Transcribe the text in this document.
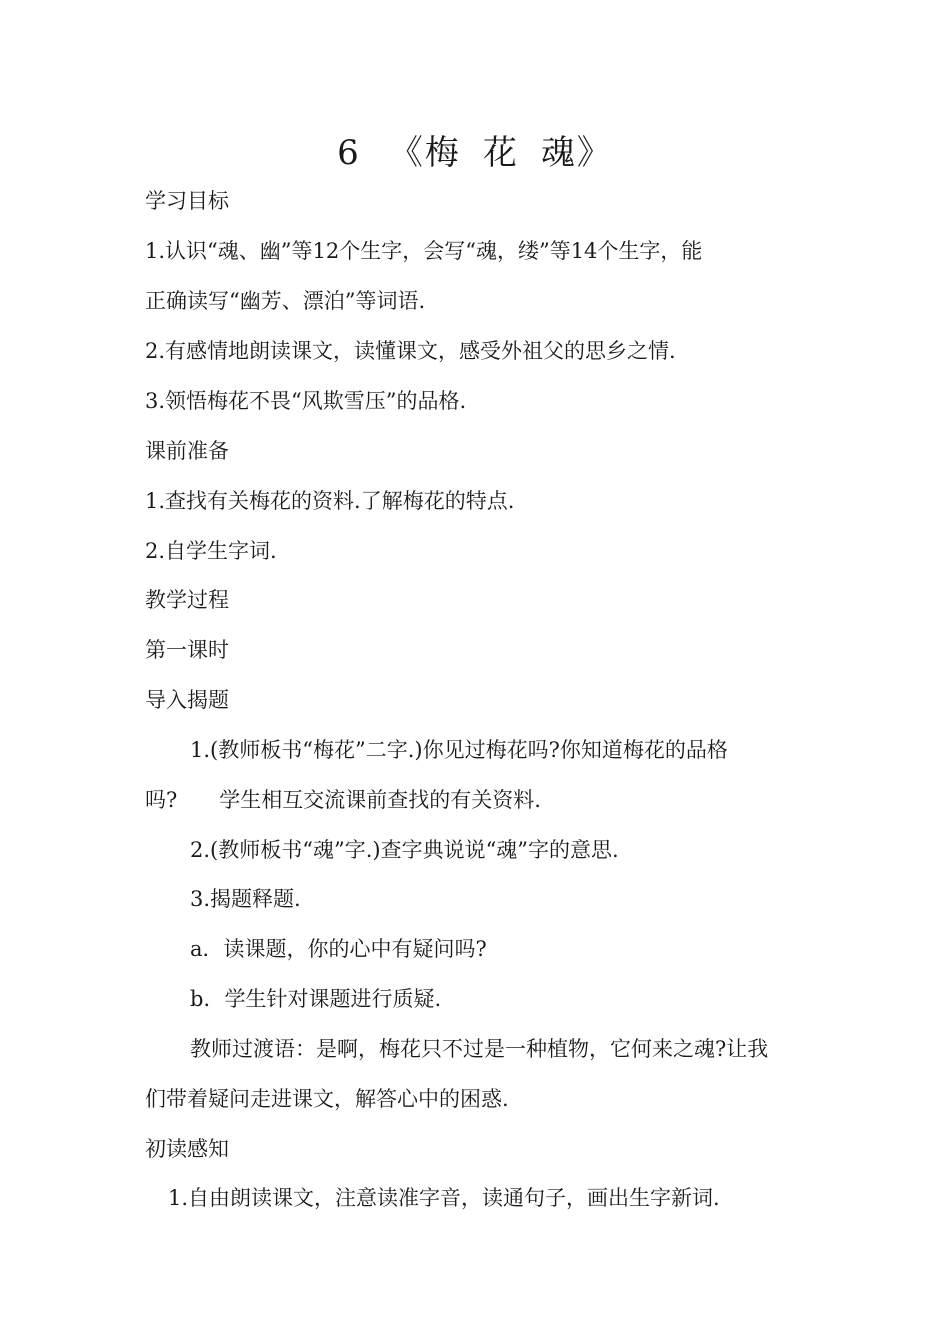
6 《梅 花 魂》

学习目标

1.认识“魂、幽”等12个生字，会写“魂，缕”等14个生字，能

正确读写“幽芳、漂泊”等词语.

2.有感情地朗读课文，读懂课文，感受外祖父的思乡之情.

3.领悟梅花不畏“风欺雪压”的品格.

课前准备

1.查找有关梅花的资料.了解梅花的特点.

2.自学生字词.

教学过程

第一课时

导入揭题

1.(教师板书“梅花”二字.)你见过梅花吗?你知道梅花的品格

吗? 学生相互交流课前查找的有关资料.

2.(教师板书“魂”字.)查字典说说“魂”字的意思.

3.揭题释题.

a．读课题，你的心中有疑问吗?

b．学生针对课题进行质疑.

教师过渡语：是啊，梅花只不过是一种植物，它何来之魂?让我

们带着疑问走进课文，解答心中的困惑.

初读感知

1.自由朗读课文，注意读准字音，读通句子，画出生字新词.
